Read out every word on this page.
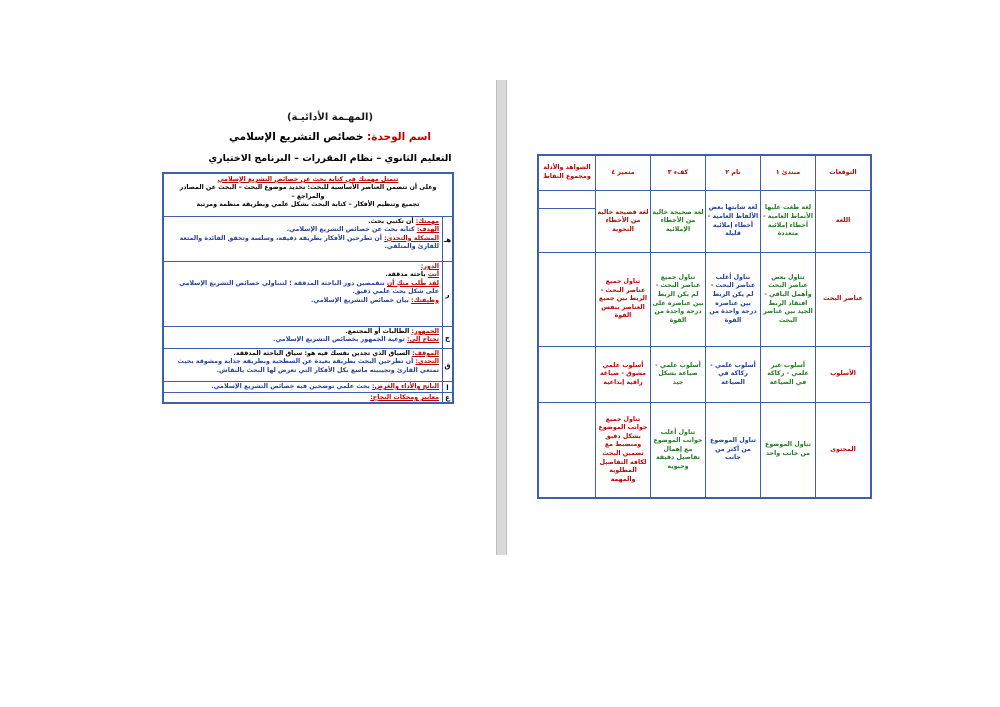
(المهـمة الأدائيـة)
اسم الوحدة: خصائص التشريع الإسلامي
التعليم الثانوي – نظام المقررات – البرنامج الاختياري
تتمثل مهمتك في كتابة بحث عن خصائص التشريع الإسلامي
وعلى أن تتضمن العناصر الأساسية للبحث: تحديد موضوع البحث – البحث عن المصادر والمراجع –
تجميع وتنظيم الأفكار – كتابة البحث بشكل علمي وبطريقة منظمة ومرتبة
هـ
مهمتك: أن تكتبي بحث.
الهدف: كتابة بحث عن خصائص التشريع الإسلامي.
المشكلة والتحدي: أن تطرحين الأفكار بطريقة دقيقة، وسلسة وتحقق الفائدة والمتعة للقارئ والمتلقي.
ر
الدور:
أنتِ باحثة مدققة.
لقد طُلب منكِ أن تتقمصين دور الباحثة المدققة ؛ لتتناولي خصائص التشريع الإسلامي على شكل بحث علمي دقيق.
وظيفتك: بيان خصائص التشريع الإسلامي.
ج
الجمهور: الطالبات أو المجتمع.
تحتاج إلى: توعية الجمهور بخصائص التشريع الإسلامي.
ق
الموقف: السياق الذي تجدين نفسك فيه هو: سياق الباحثة المدققة.
التحدي: أن تطرحين البحث بطريقة بعيدة عن السطحية وبطريقة جذابة ومشوقة بحيث تمتعي القارئ وتجيبينه ماسع بكل الأفكار التي تعرض لها البحث بالنقاش.
ا
الناتج والأداء والغرض: بحث علمي توضحين فيه خصائص التشريع الإسلامي.
ع
معايير ومحكات النجاح:
التوقعات
مبتدئ ١
نام ٢
كفء ٣
متميز ٤
الشواهد والأدلة ومجموع النقاط
اللغة
لغة طغت عليها الأنماط العامية - أخطاء إملائية متعددة
لغة شابتها بعض الألفاظ العامية - أخطاء إملائية قليلة
لغة صحيحة خالية من الأخطاء الإملائية
لغة فصيحة خالية من الأخطاء النحوية
عناصر البحث
تناول بعض عناصر البحث وأهمل الباقي - افتقاد الربط الجيد بين عناصر البحث
تناول أغلب عناصر البحث - لم يكن الربط بين عناصره درجة واحدة من القوة
تناول جميع عناصر البحث - لم يكن الربط بين عناصره على درجة واحدة من القوة
تناول جميع عناصر البحث - الربط بين جميع العناصر بنفس القوة
الأسلوب
أسلوب غير علمي - ركاكة في الصياغة
أسلوب علمي - ركاكة في الصياغة
أسلوب علمي - صياغة بشكل جيد
أسلوب علمي مشوق - صياغة راقية إبداعية
المحتوى
تناول الموضوع من جانب واحد
تناول الموضوع من أكثر من جانب
تناول أغلب جوانب الموضوع مع إهمال تفاصيل دقيقة وحيوية
تناول جميع جوانب الموضوع بشكل دقيق ومنضبط مع تضمين البحث لكافة التفاصيل المطلوبة والمهمة
